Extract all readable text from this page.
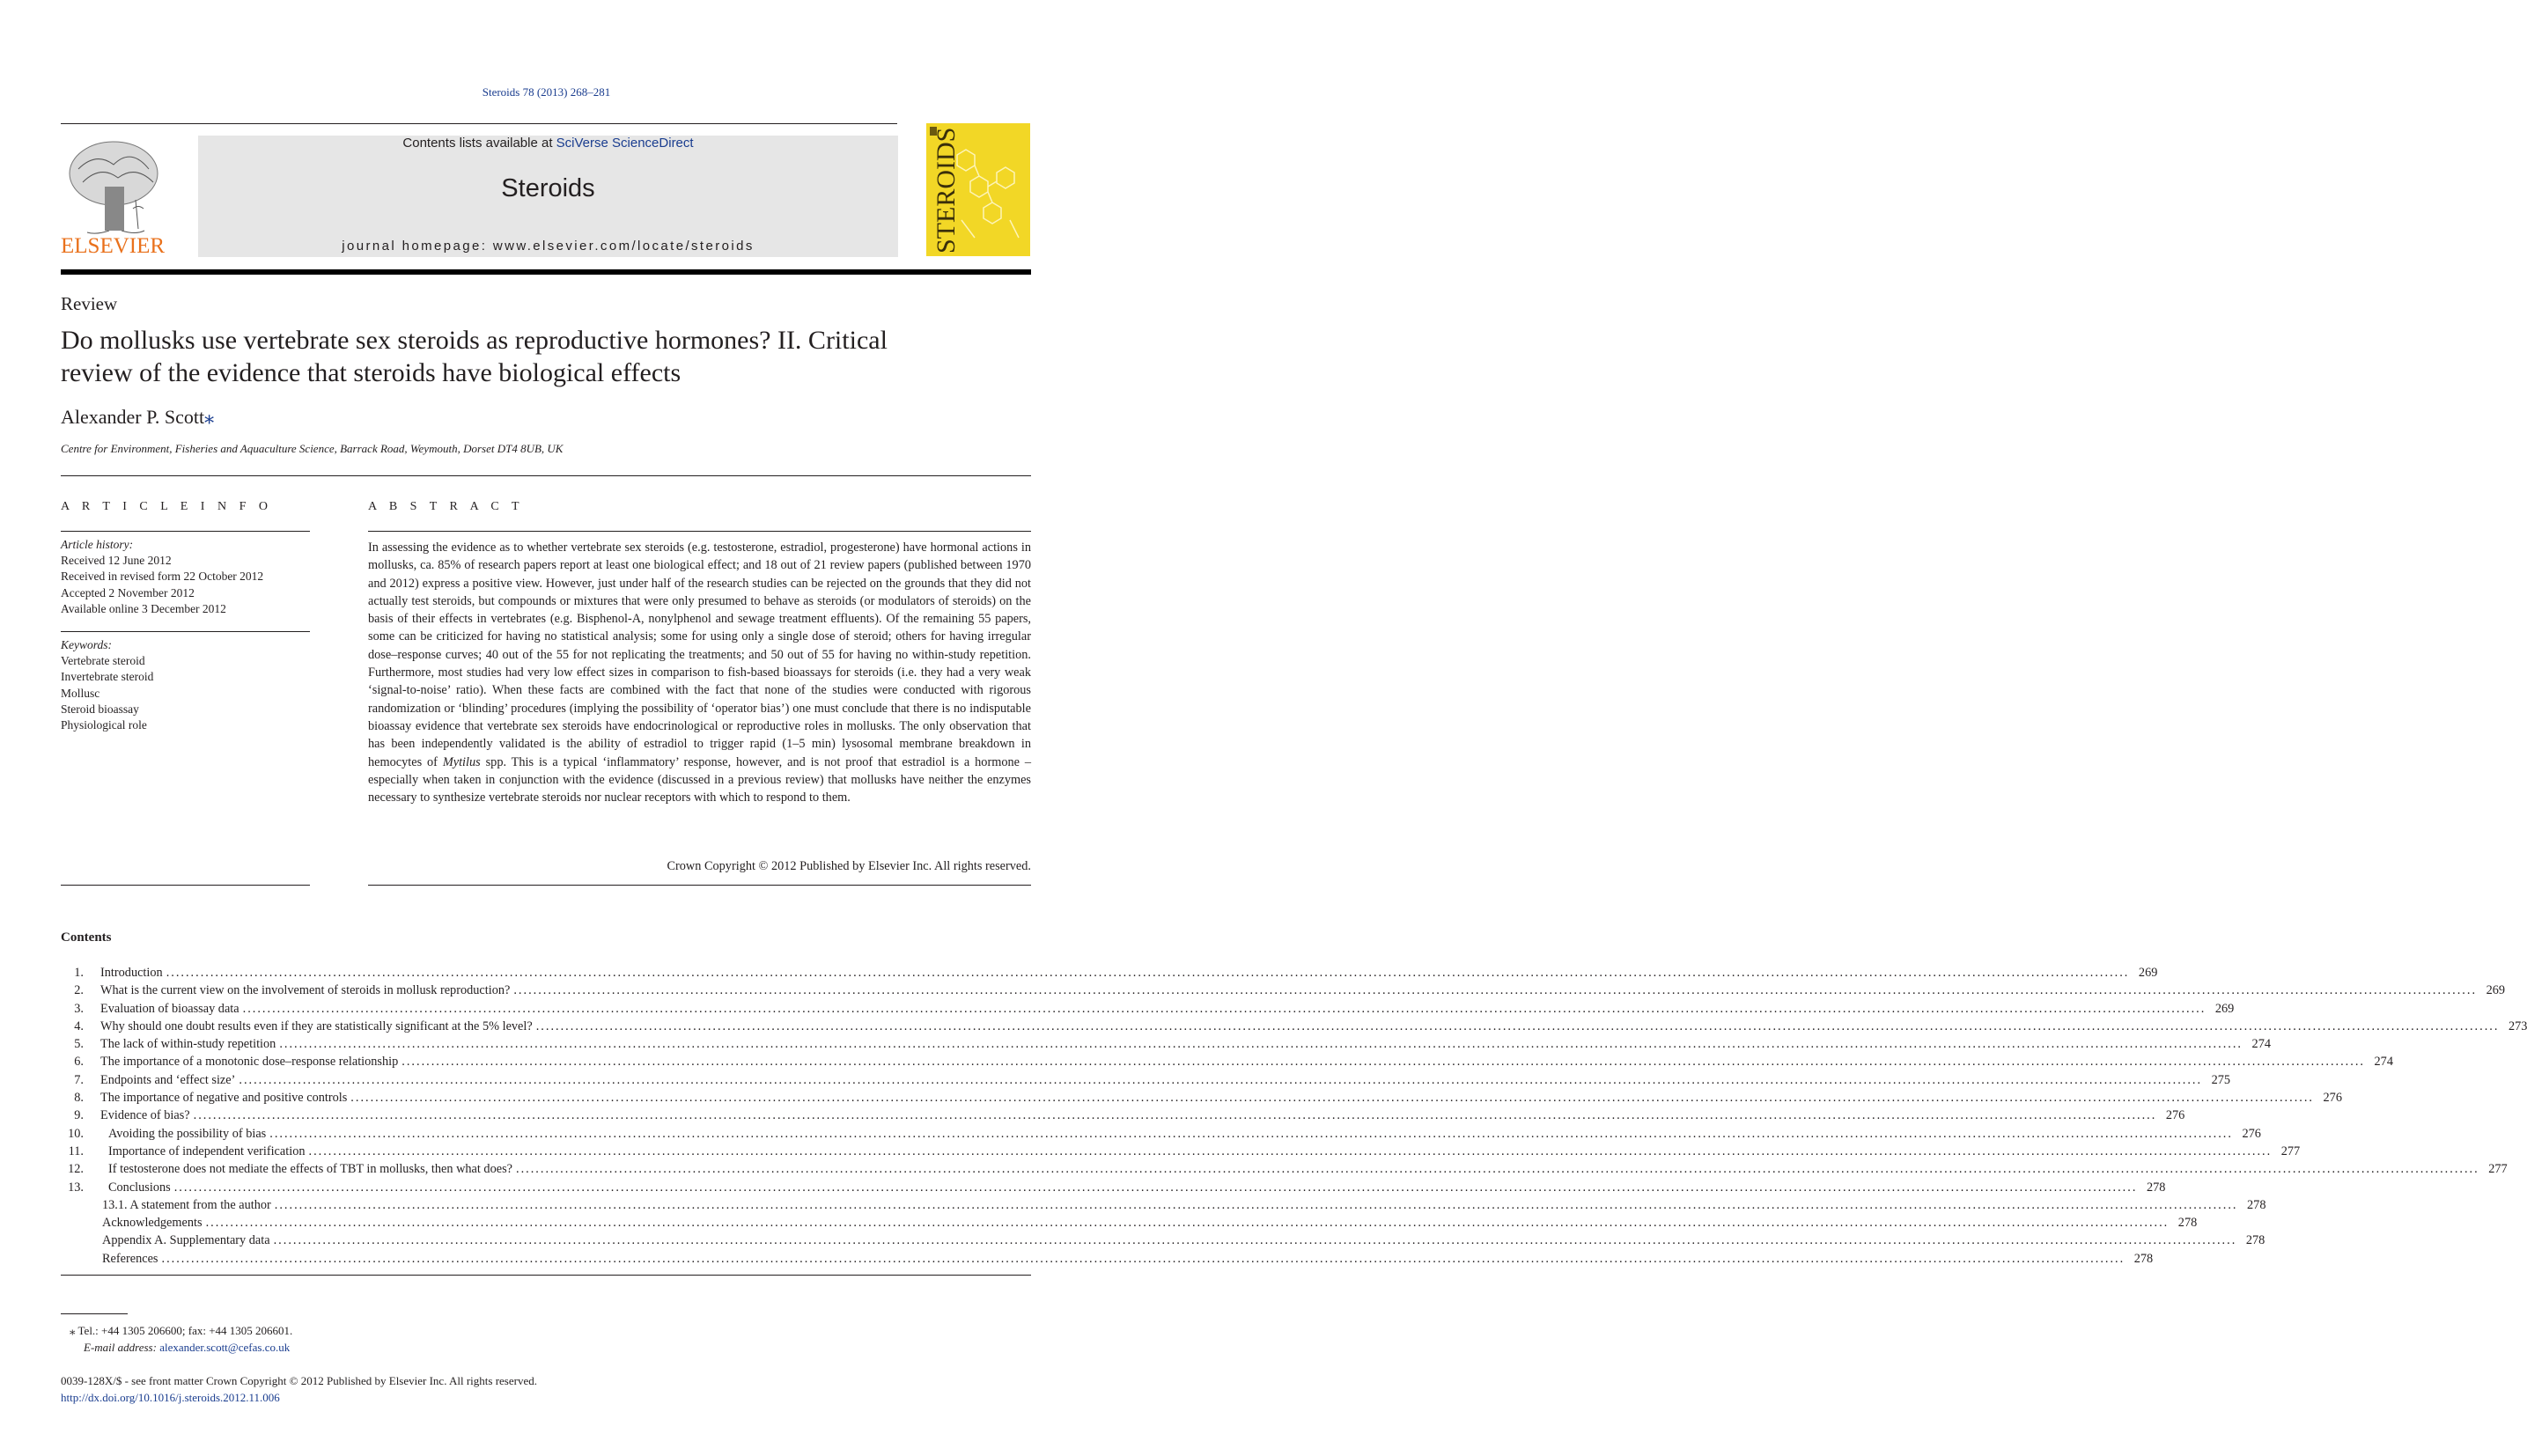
Steroids 78 (2013) 268–281
ELSEVIER
Contents lists available at SciVerse ScienceDirect
Steroids
journal homepage: www.elsevier.com/locate/steroids	STEROIDS
Review
Do mollusks use vertebrate sex steroids as reproductive hormones? II. Critical
review of the evidence that steroids have biological effects
Alexander P. Scott⁎
Centre for Environment, Fisheries and Aquaculture Science, Barrack Road, Weymouth, Dorset DT4 8UB, UK
A R T I C L E I N F O
Article history:
Received 12 June 2012
Received in revised form 22 October 2012
Accepted 2 November 2012
Available online 3 December 2012
Keywords:
Vertebrate steroid
Invertebrate steroid
Mollusc
Steroid bioassay
Physiological role
A B S T R A C T
In assessing the evidence as to whether vertebrate sex steroids (e.g. testosterone, estradiol, progesterone) have hormonal actions in mollusks, ca. 85% of research papers report at least one biological effect; and 18 out of 21 review papers (published between 1970 and 2012) express a positive view. However, just under half of the research studies can be rejected on the grounds that they did not actually test steroids, but compounds or mixtures that were only presumed to behave as steroids (or modulators of steroids) on the basis of their effects in vertebrates (e.g. Bisphenol-A, nonylphenol and sewage treatment effluents). Of the remaining 55 papers, some can be criticized for having no statistical analysis; some for using only a single dose of steroid; others for having irregular dose–response curves; 40 out of the 55 for not replicating the treatments; and 50 out of 55 for having no within-study repetition. Furthermore, most studies had very low effect sizes in comparison to fish-based bioassays for steroids (i.e. they had a very weak ‘signal-to-noise’ ratio). When these facts are combined with the fact that none of the studies were conducted with rigorous randomization or ‘blinding’ procedures (implying the possibility of ‘operator bias’) one must conclude that there is no indisputable bioassay evidence that vertebrate sex steroids have endocrinological or reproductive roles in mollusks. The only observation that has been independently validated is the ability of estradiol to trigger rapid (1–5 min) lysosomal membrane breakdown in hemocytes of Mytilus spp. This is a typical ‘inflammatory’ response, however, and is not proof that estradiol is a hormone – especially when taken in conjunction with the evidence (discussed in a previous review) that mollusks have neither the enzymes necessary to synthesize vertebrate steroids nor nuclear receptors with which to respond to them.
Crown Copyright © 2012 Published by Elsevier Inc. All rights reserved.
Contents
1.	Introduction ................................................................................................................................................................................................................................................................................................................................................................................................................ 269
2.	What is the current view on the involvement of steroids in mollusk reproduction? ................................................................................................................................................................................................................................................................................................................................................................................................................ 269
3.	Evaluation of bioassay data ................................................................................................................................................................................................................................................................................................................................................................................................................ 269
4.	Why should one doubt results even if they are statistically significant at the 5% level? ................................................................................................................................................................................................................................................................................................................................................................................................................ 273
5.	The lack of within-study repetition ................................................................................................................................................................................................................................................................................................................................................................................................................ 274
6.	The importance of a monotonic dose–response relationship ................................................................................................................................................................................................................................................................................................................................................................................................................ 274
7.	Endpoints and ‘effect size’ ................................................................................................................................................................................................................................................................................................................................................................................................................ 275
8.	The importance of negative and positive controls ................................................................................................................................................................................................................................................................................................................................................................................................................ 276
9.	Evidence of bias? ................................................................................................................................................................................................................................................................................................................................................................................................................ 276
10.	Avoiding the possibility of bias ................................................................................................................................................................................................................................................................................................................................................................................................................ 276
11.	Importance of independent verification ................................................................................................................................................................................................................................................................................................................................................................................................................ 277
12.	If testosterone does not mediate the effects of TBT in mollusks, then what does? ................................................................................................................................................................................................................................................................................................................................................................................................................ 277
13.	Conclusions ................................................................................................................................................................................................................................................................................................................................................................................................................ 278
13.1. A statement from the author ................................................................................................................................................................................................................................................................................................................................................................................................................ 278
Acknowledgements ................................................................................................................................................................................................................................................................................................................................................................................................................ 278
Appendix A. Supplementary data ................................................................................................................................................................................................................................................................................................................................................................................................................ 278
References ................................................................................................................................................................................................................................................................................................................................................................................................................ 278
⁎ Tel.: +44 1305 206600; fax: +44 1305 206601.
E-mail address: alexander.scott@cefas.co.uk
0039-128X/$ - see front matter Crown Copyright © 2012 Published by Elsevier Inc. All rights reserved.
http://dx.doi.org/10.1016/j.steroids.2012.11.006
